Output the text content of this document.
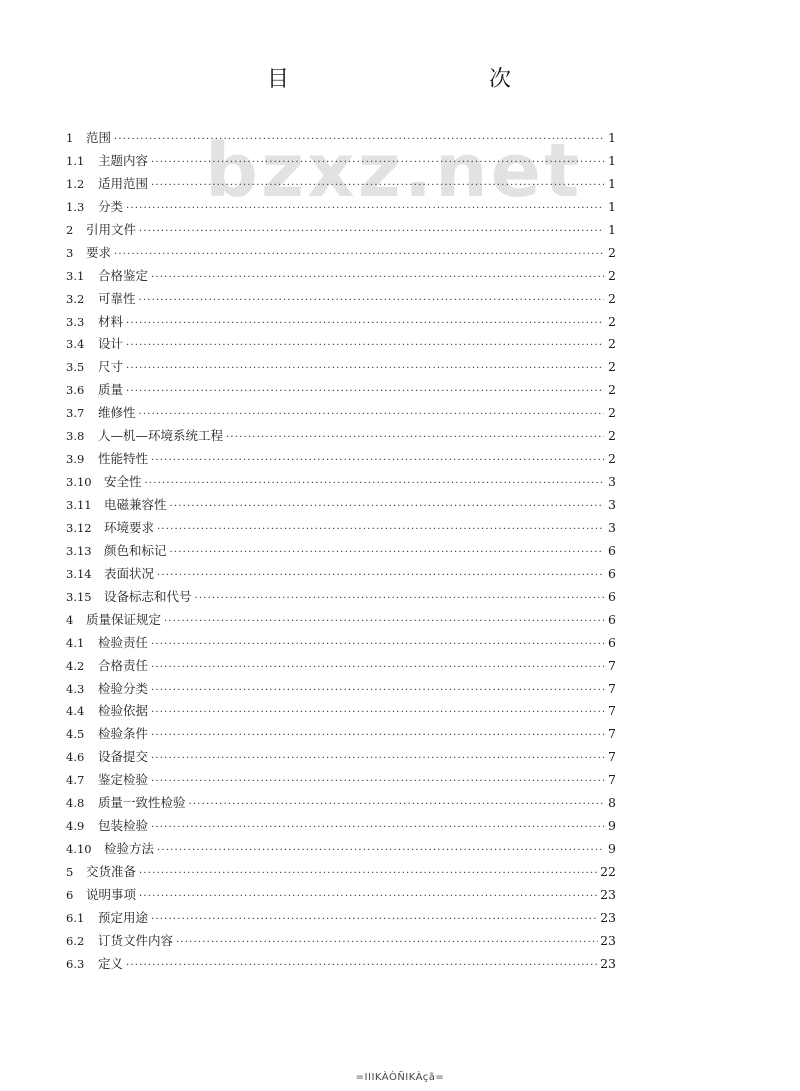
bzxz.net
目　　次
1	范围 ·····	1
1.1	主题内容 ·····	1
1.2	适用范围 ·····	1
1.3	分类 ·····	1
2	引用文件 ·····	1
3	要求 ·····	2
3.1	合格鉴定 ·····	2
3.2	可靠性 ·····	2
3.3	材料 ·····	2
3.4	设计 ·····	2
3.5	尺寸 ·····	2
3.6	质量 ·····	2
3.7	维修性 ·····	2
3.8	人—机—环境系统工程 ·····	2
3.9	性能特性 ·····	2
3.10 安全性 ·····	3
3.11 电磁兼容性 ·····	3
3.12 环境要求 ·····	3
3.13 颜色和标记 ·····	6
3.14 表面状况 ·····	6
3.15 设备标志和代号 ·····	6
4	质量保证规定 ·····	6
4.1	检验责任 ·····	6
4.2	合格责任 ·····	7
4.3	检验分类 ·····	7
4.4	检验依据 ·····	7
4.5	检验条件 ·····	7
4.6	设备提交 ·····	7
4.7	鉴定检验 ·····	7
4.8	质量一致性检验 ·····	8
4.9	包装检验 ·····	9
4.10 检验方法 ·····	9
5	交货准备 ·····	22
6	说明事项 ·····	23
6.1	预定用途 ·····	23
6.2	订货文件内容 ·····	23
6.3	定义 ·····	23
=ⅠⅠⅠKÀÒÑⅠKÀçã=
